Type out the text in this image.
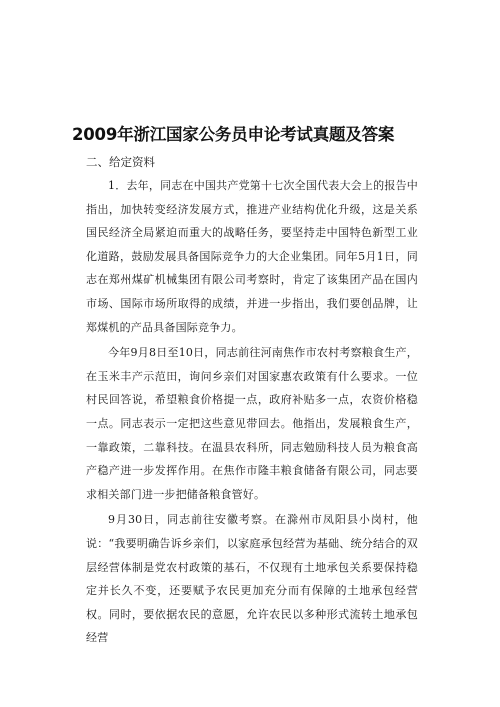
2009年浙江国家公务员申论考试真题及答案

二、给定资料

1．去年，同志在中国共产党第十七次全国代表大会上的报告中指出，加快转变经济发展方式，推进产业结构优化升级，这是关系国民经济全局紧迫而重大的战略任务，要坚持走中国特色新型工业化道路，鼓励发展具备国际竞争力的大企业集团。同年5月1日，同志在郑州煤矿机械集团有限公司考察时，肯定了该集团产品在国内市场、国际市场所取得的成绩，并进一步指出，我们要创品牌，让郑煤机的产品具备国际竞争力。

今年9月8日至10日，同志前往河南焦作市农村考察粮食生产，在玉米丰产示范田，询问乡亲们对国家惠农政策有什么要求。一位村民回答说，希望粮食价格提一点，政府补贴多一点，农资价格稳一点。同志表示一定把这些意见带回去。他指出，发展粮食生产，一靠政策，二靠科技。在温县农科所，同志勉励科技人员为粮食高产稳产进一步发挥作用。在焦作市隆丰粮食储备有限公司，同志要求相关部门进一步把储备粮食管好。

9月30日，同志前往安徽考察。在滁州市凤阳县小岗村，他说：“我要明确告诉乡亲们，以家庭承包经营为基础、统分结合的双层经营体制是党农村政策的基石，不仅现有土地承包关系要保持稳定并长久不变，还要赋予农民更加充分而有保障的土地承包经营权。同时，要依据农民的意愿，允许农民以多种形式流转土地承包经营
